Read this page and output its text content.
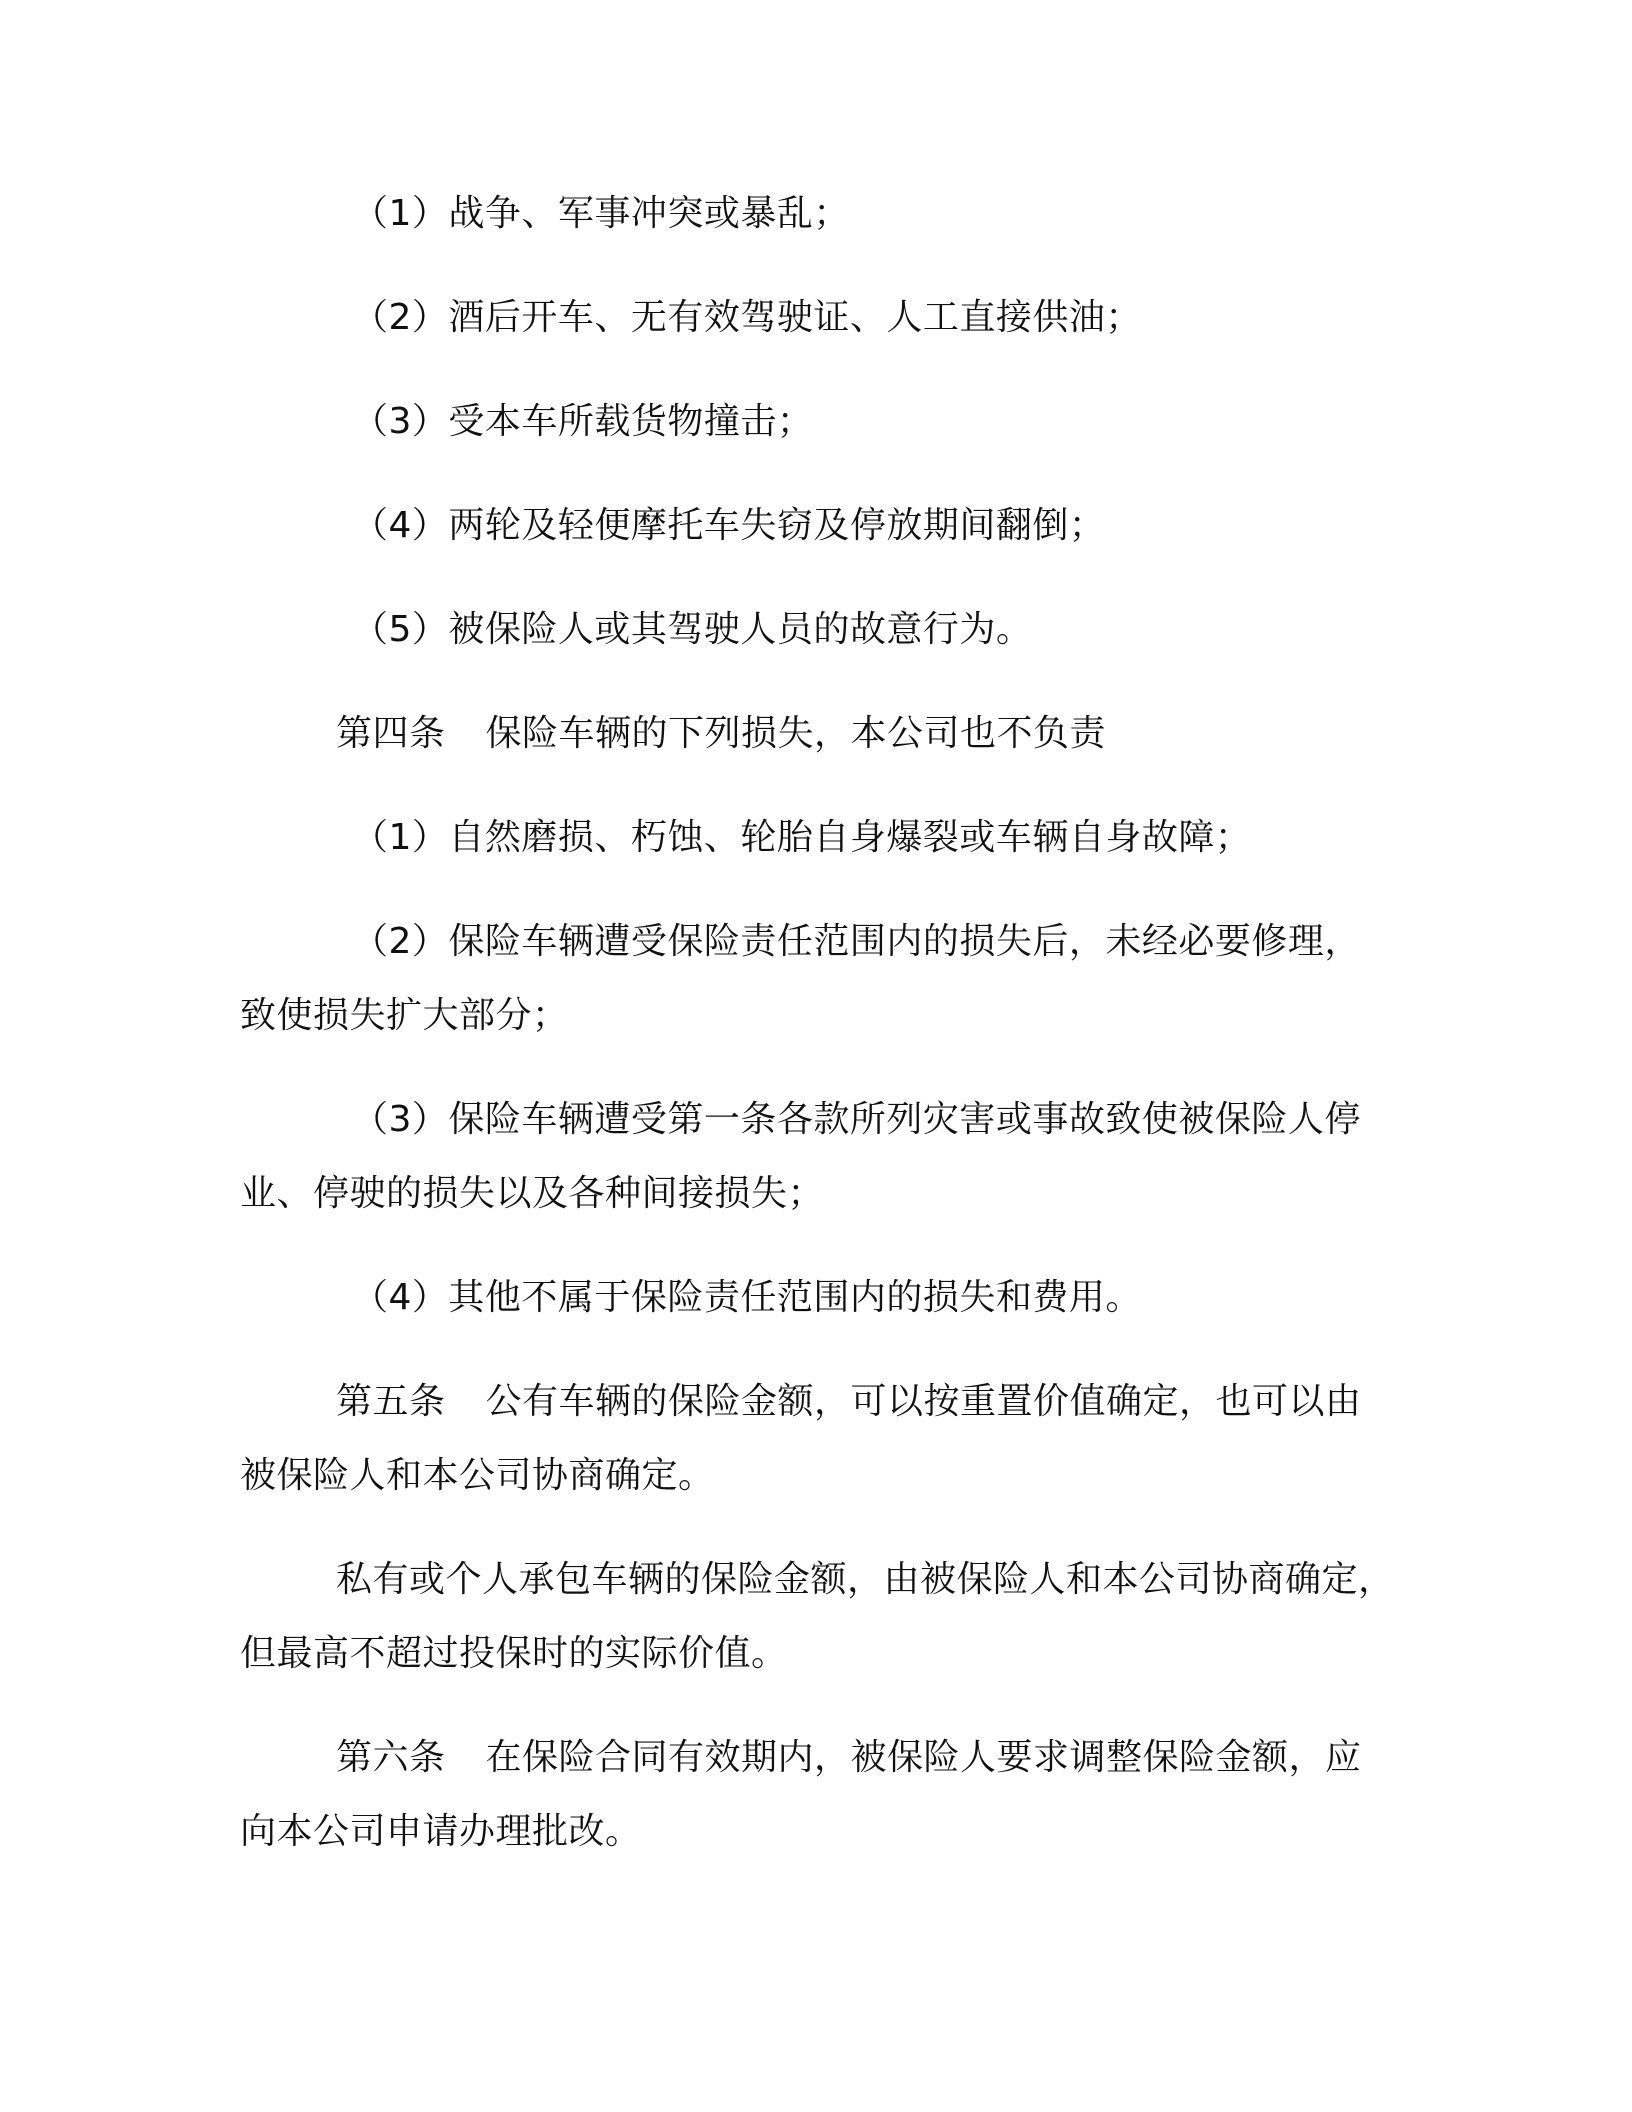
（1）战争、军事冲突或暴乱；
（2）酒后开车、无有效驾驶证、人工直接供油；
（3）受本车所载货物撞击；
（4）两轮及轻便摩托车失窃及停放期间翻倒；
（5）被保险人或其驾驶人员的故意行为。
第四条 保险车辆的下列损失，本公司也不负责
（1）自然磨损、朽蚀、轮胎自身爆裂或车辆自身故障；
（2）保险车辆遭受保险责任范围内的损失后，未经必要修理，
致使损失扩大部分；
（3）保险车辆遭受第一条各款所列灾害或事故致使被保险人停
业、停驶的损失以及各种间接损失；
（4）其他不属于保险责任范围内的损失和费用。
第五条 公有车辆的保险金额，可以按重置价值确定，也可以由
被保险人和本公司协商确定。
私有或个人承包车辆的保险金额，由被保险人和本公司协商确定，
但最高不超过投保时的实际价值。
第六条 在保险合同有效期内，被保险人要求调整保险金额，应
向本公司申请办理批改。
